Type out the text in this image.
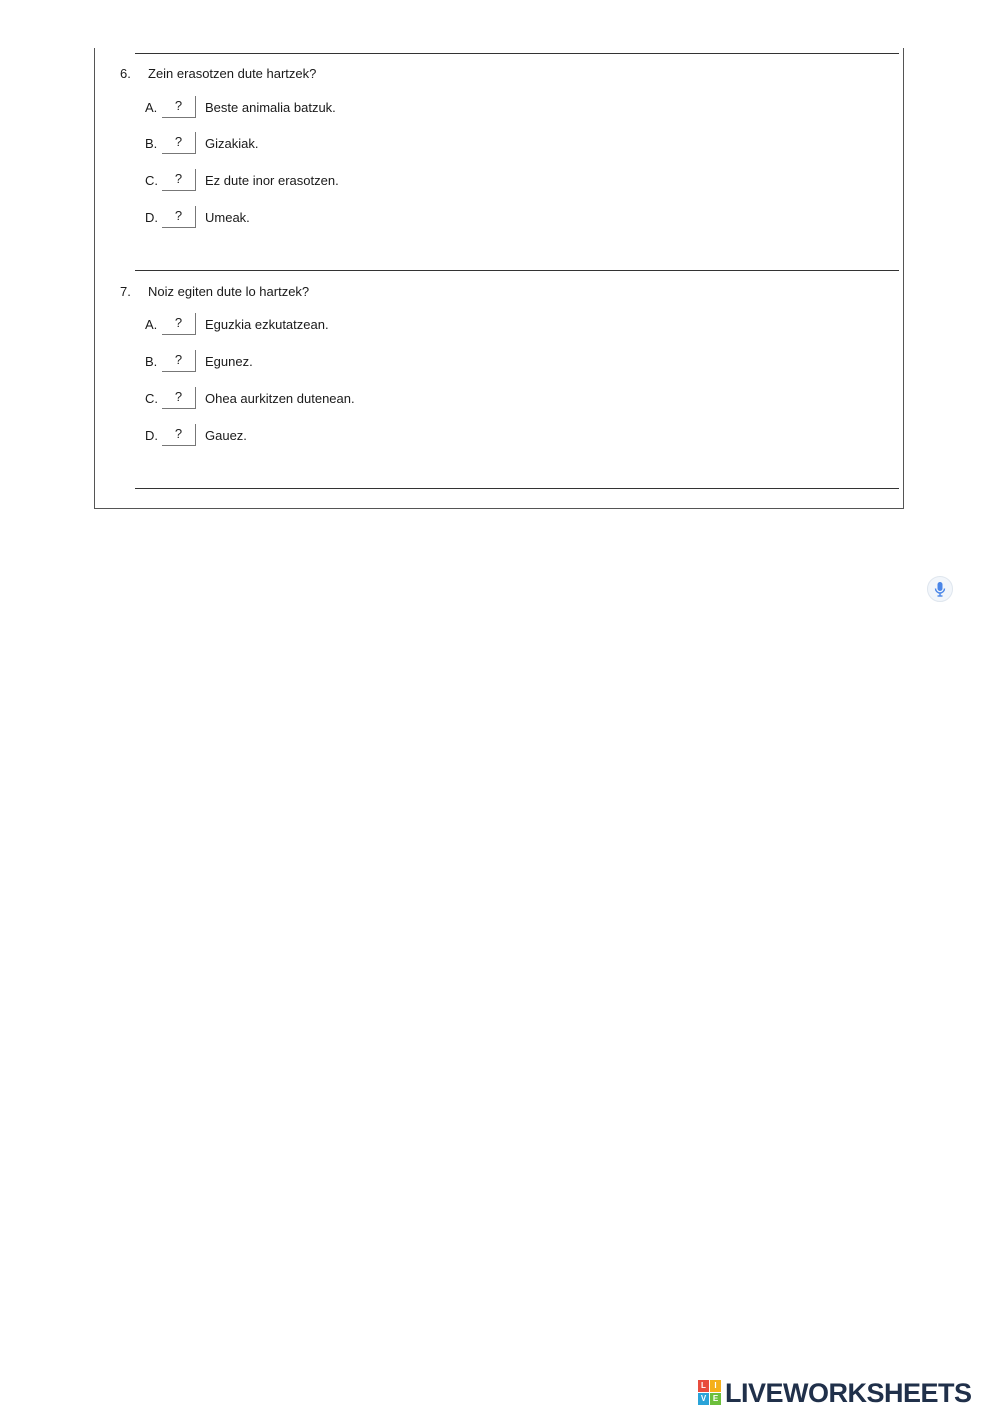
6. Zein erasotzen dute hartzek?
A.	?	Beste animalia batzuk.
B.	?	Gizakiak.
C.	?	Ez dute inor erasotzen.
D.	?	Umeak.
7. Noiz egiten dute lo hartzek?
A.	?	Eguzkia ezkutatzean.
B.	?	Egunez.
C.	?	Ohea aurkitzen dutenean.
D.	?	Gauez.
L	I
V E LIVEWORKSHEETS
